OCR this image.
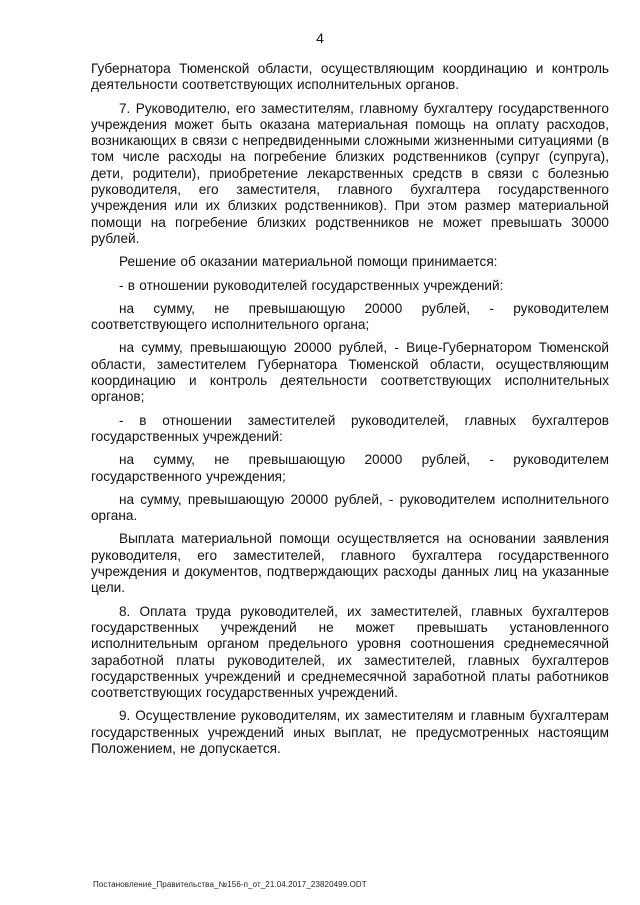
4

Губернатора Тюменской области, осуществляющим координацию и контроль деятельности соответствующих исполнительных органов.

7. Руководителю, его заместителям, главному бухгалтеру государственного учреждения может быть оказана материальная помощь на оплату расходов, возникающих в связи с непредвиденными сложными жизненными ситуациями (в том числе расходы на погребение близких родственников (супруг (супруга), дети, родители), приобретение лекарственных средств в связи с болезнью руководителя, его заместителя, главного бухгалтера государственного учреждения или их близких родственников). При этом размер материальной помощи на погребение близких родственников не может превышать 30000 рублей.

Решение об оказании материальной помощи принимается:

- в отношении руководителей государственных учреждений:

на сумму, не превышающую 20000 рублей, - руководителем соответствующего исполнительного органа;

на сумму, превышающую 20000 рублей, - Вице-Губернатором Тюменской области, заместителем Губернатора Тюменской области, осуществляющим координацию и контроль деятельности соответствующих исполнительных органов;

- в отношении заместителей руководителей, главных бухгалтеров государственных учреждений:

на сумму, не превышающую 20000 рублей, - руководителем государственного учреждения;

на сумму, превышающую 20000 рублей, - руководителем исполнительного органа.

Выплата материальной помощи осуществляется на основании заявления руководителя, его заместителей, главного бухгалтера государственного учреждения и документов, подтверждающих расходы данных лиц на указанные цели.

8. Оплата труда руководителей, их заместителей, главных бухгалтеров государственных учреждений не может превышать установленного исполнительным органом предельного уровня соотношения среднемесячной заработной платы руководителей, их заместителей, главных бухгалтеров государственных учреждений и среднемесячной заработной платы работников соответствующих государственных учреждений.

9. Осуществление руководителям, их заместителям и главным бухгалтерам государственных учреждений иных выплат, не предусмотренных настоящим Положением, не допускается.

Постановление_Правительства_№156-п_от_21.04.2017_23820499.ODT
